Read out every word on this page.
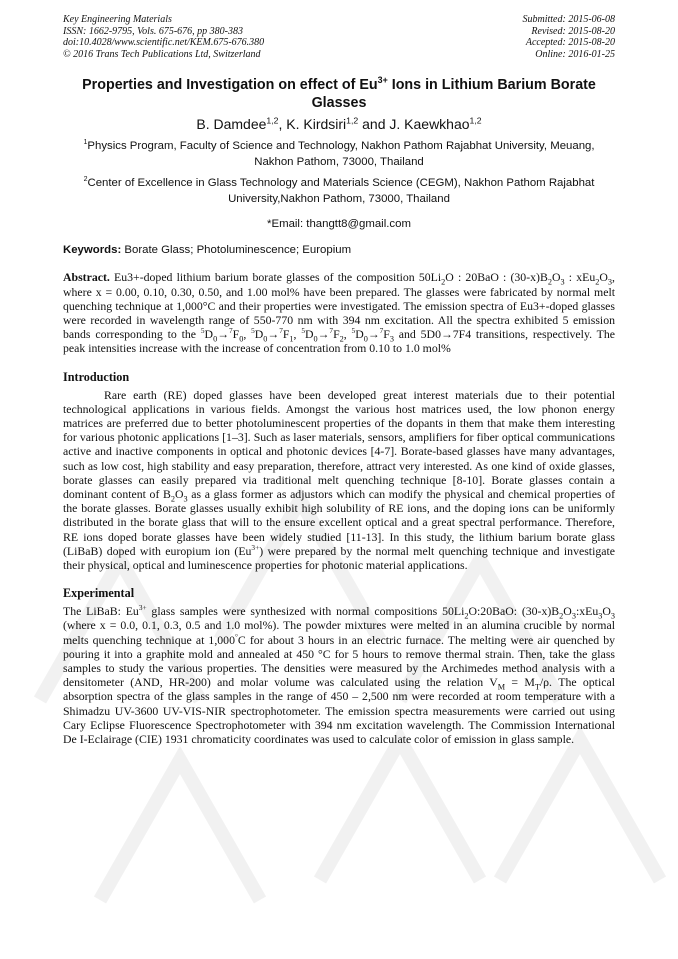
Key Engineering Materials
ISSN: 1662-9795, Vols. 675-676, pp 380-383
doi:10.4028/www.scientific.net/KEM.675-676.380
© 2016 Trans Tech Publications Ltd, Switzerland
Submitted: 2015-06-08
Revised: 2015-08-20
Accepted: 2015-08-20
Online: 2016-01-25
Properties and Investigation on effect of $Eu^{3+}$ Ions in Lithium Barium Borate Glasses
B. Damdee$^{1,2}$, K. Kirdsiri$^{1,2}$ and J. Kaewkhao$^{1,2}$
$^1$Physics Program, Faculty of Science and Technology, Nakhon Pathom Rajabhat University, Meuang, Nakhon Pathom, 73000, Thailand
$^2$Center of Excellence in Glass Technology and Materials Science (CEGM), Nakhon Pathom Rajabhat University,Nakhon Pathom, 73000, Thailand
*Email: thangtt8@gmail.com
Keywords: Borate Glass; Photoluminescence; Europium
Abstract. Eu3+-doped lithium barium borate glasses of the composition $50Li_2O$ : 20BaO : $(30-x)B_2O_3$ : $xEu_2O_3$, where x = 0.00, 0.10, 0.30, 0.50, and 1.00 mol% have been prepared. The glasses were fabricated by normal melt quenching technique at 1,000°C and their properties were investigated. The emission spectra of Eu3+-doped glasses were recorded in wavelength range of 550-770 nm with 394 nm excitation. All the spectra exhibited 5 emission bands corresponding to the $^5D_0\to^7F_0$, $^5D_0\to^7F_1$, $^5D_0\to^7F_2$, $^5D_0\to^7F_3$ and 5D0→7F4 transitions, respectively. The peak intensities increase with the increase of concentration from 0.10 to 1.0 mol%
Introduction
Rare earth (RE) doped glasses have been developed great interest materials due to their potential technological applications in various fields. Amongst the various host matrices used, the low phonon energy matrices are preferred due to better photoluminescent properties of the dopants in them that make them interesting for various photonic applications [1–3]. Such as laser materials, sensors, amplifiers for fiber optical communications active and inactive components in optical and photonic devices [4-7]. Borate-based glasses have many advantages, such as low cost, high stability and easy preparation, therefore, attract very interested. As one kind of oxide glasses, borate glasses can easily prepared via traditional melt quenching technique [8-10]. Borate glasses contain a dominant content of $B_2O_3$ as a glass former as adjustors which can modify the physical and chemical properties of the borate glasses. Borate glasses usually exhibit high solubility of RE ions, and the doping ions can be uniformly distributed in the borate glass that will to the ensure excellent optical and a great spectral performance. Therefore, RE ions doped borate glasses have been widely studied [11-13]. In this study, the lithium barium borate glass (LiBaB) doped with europium ion $(Eu^{3+})$ were prepared by the normal melt quenching technique and investigate their physical, optical and luminescence properties for photonic material applications.
Experimental
The LiBaB: $Eu^{3+}$ glass samples were synthesized with normal compositions $50Li_2O:20BaO$: $(30-x)B_2O_3:xEu_3O_3$ (where x = 0.0, 0.1, 0.3, 0.5 and 1.0 mol%). The powder mixtures were melted in an alumina crucible by normal melts quenching technique at 1,000°C for about 3 hours in an electric furnace. The melting were air quenched by pouring it into a graphite mold and annealed at 450 °C for 5 hours to remove thermal strain. Then, take the glass samples to study the various properties. The densities were measured by the Archimedes method analysis with a densitometer (AND, HR-200) and molar volume was calculated using the relation $V_M = M_T/\rho$. The optical absorption spectra of the glass samples in the range of 450 – 2,500 nm were recorded at room temperature with a Shimadzu UV-3600 UV-VIS-NIR spectrophotometer. The emission spectra measurements were carried out using Cary Eclipse Fluorescence Spectrophotometer with 394 nm excitation wavelength. The Commission International De I-Eclairage (CIE) 1931 chromaticity coordinates was used to calculate color of emission in glass sample.
